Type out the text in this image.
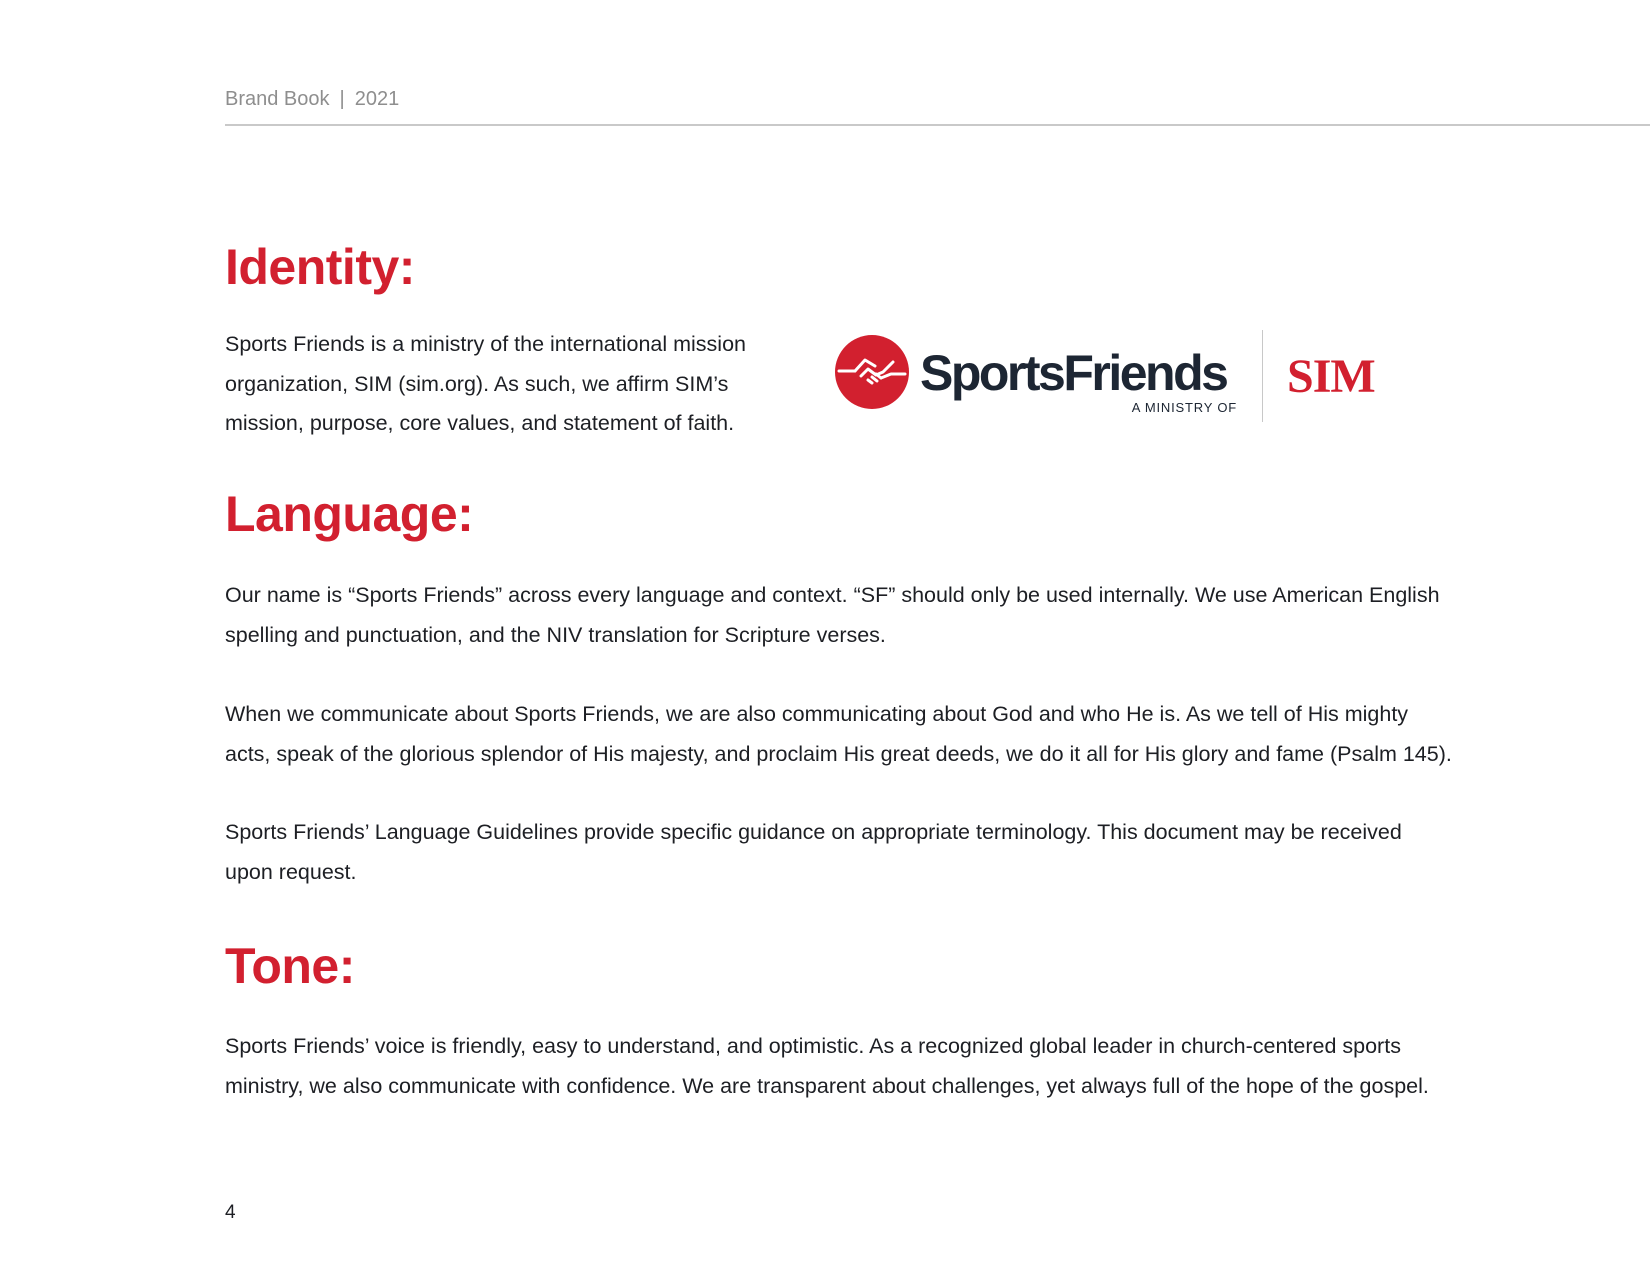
Brand Book | 2021
Identity:
Sports Friends is a ministry of the international mission
organization, SIM (sim.org). As such, we affirm SIM’s
mission, purpose, core values, and statement of faith.
SportsFriends
A MINISTRY OF
SIM
Language:
Our name is “Sports Friends” across every language and context. “SF” should only be used internally. We use American English
spelling and punctuation, and the NIV translation for Scripture verses.
When we communicate about Sports Friends, we are also communicating about God and who He is. As we tell of His mighty
acts, speak of the glorious splendor of His majesty, and proclaim His great deeds, we do it all for His glory and fame (Psalm 145).
Sports Friends’ Language Guidelines provide specific guidance on appropriate terminology. This document may be received
upon request.
Tone:
Sports Friends’ voice is friendly, easy to understand, and optimistic. As a recognized global leader in church-centered sports
ministry, we also communicate with confidence. We are transparent about challenges, yet always full of the hope of the gospel.
4
